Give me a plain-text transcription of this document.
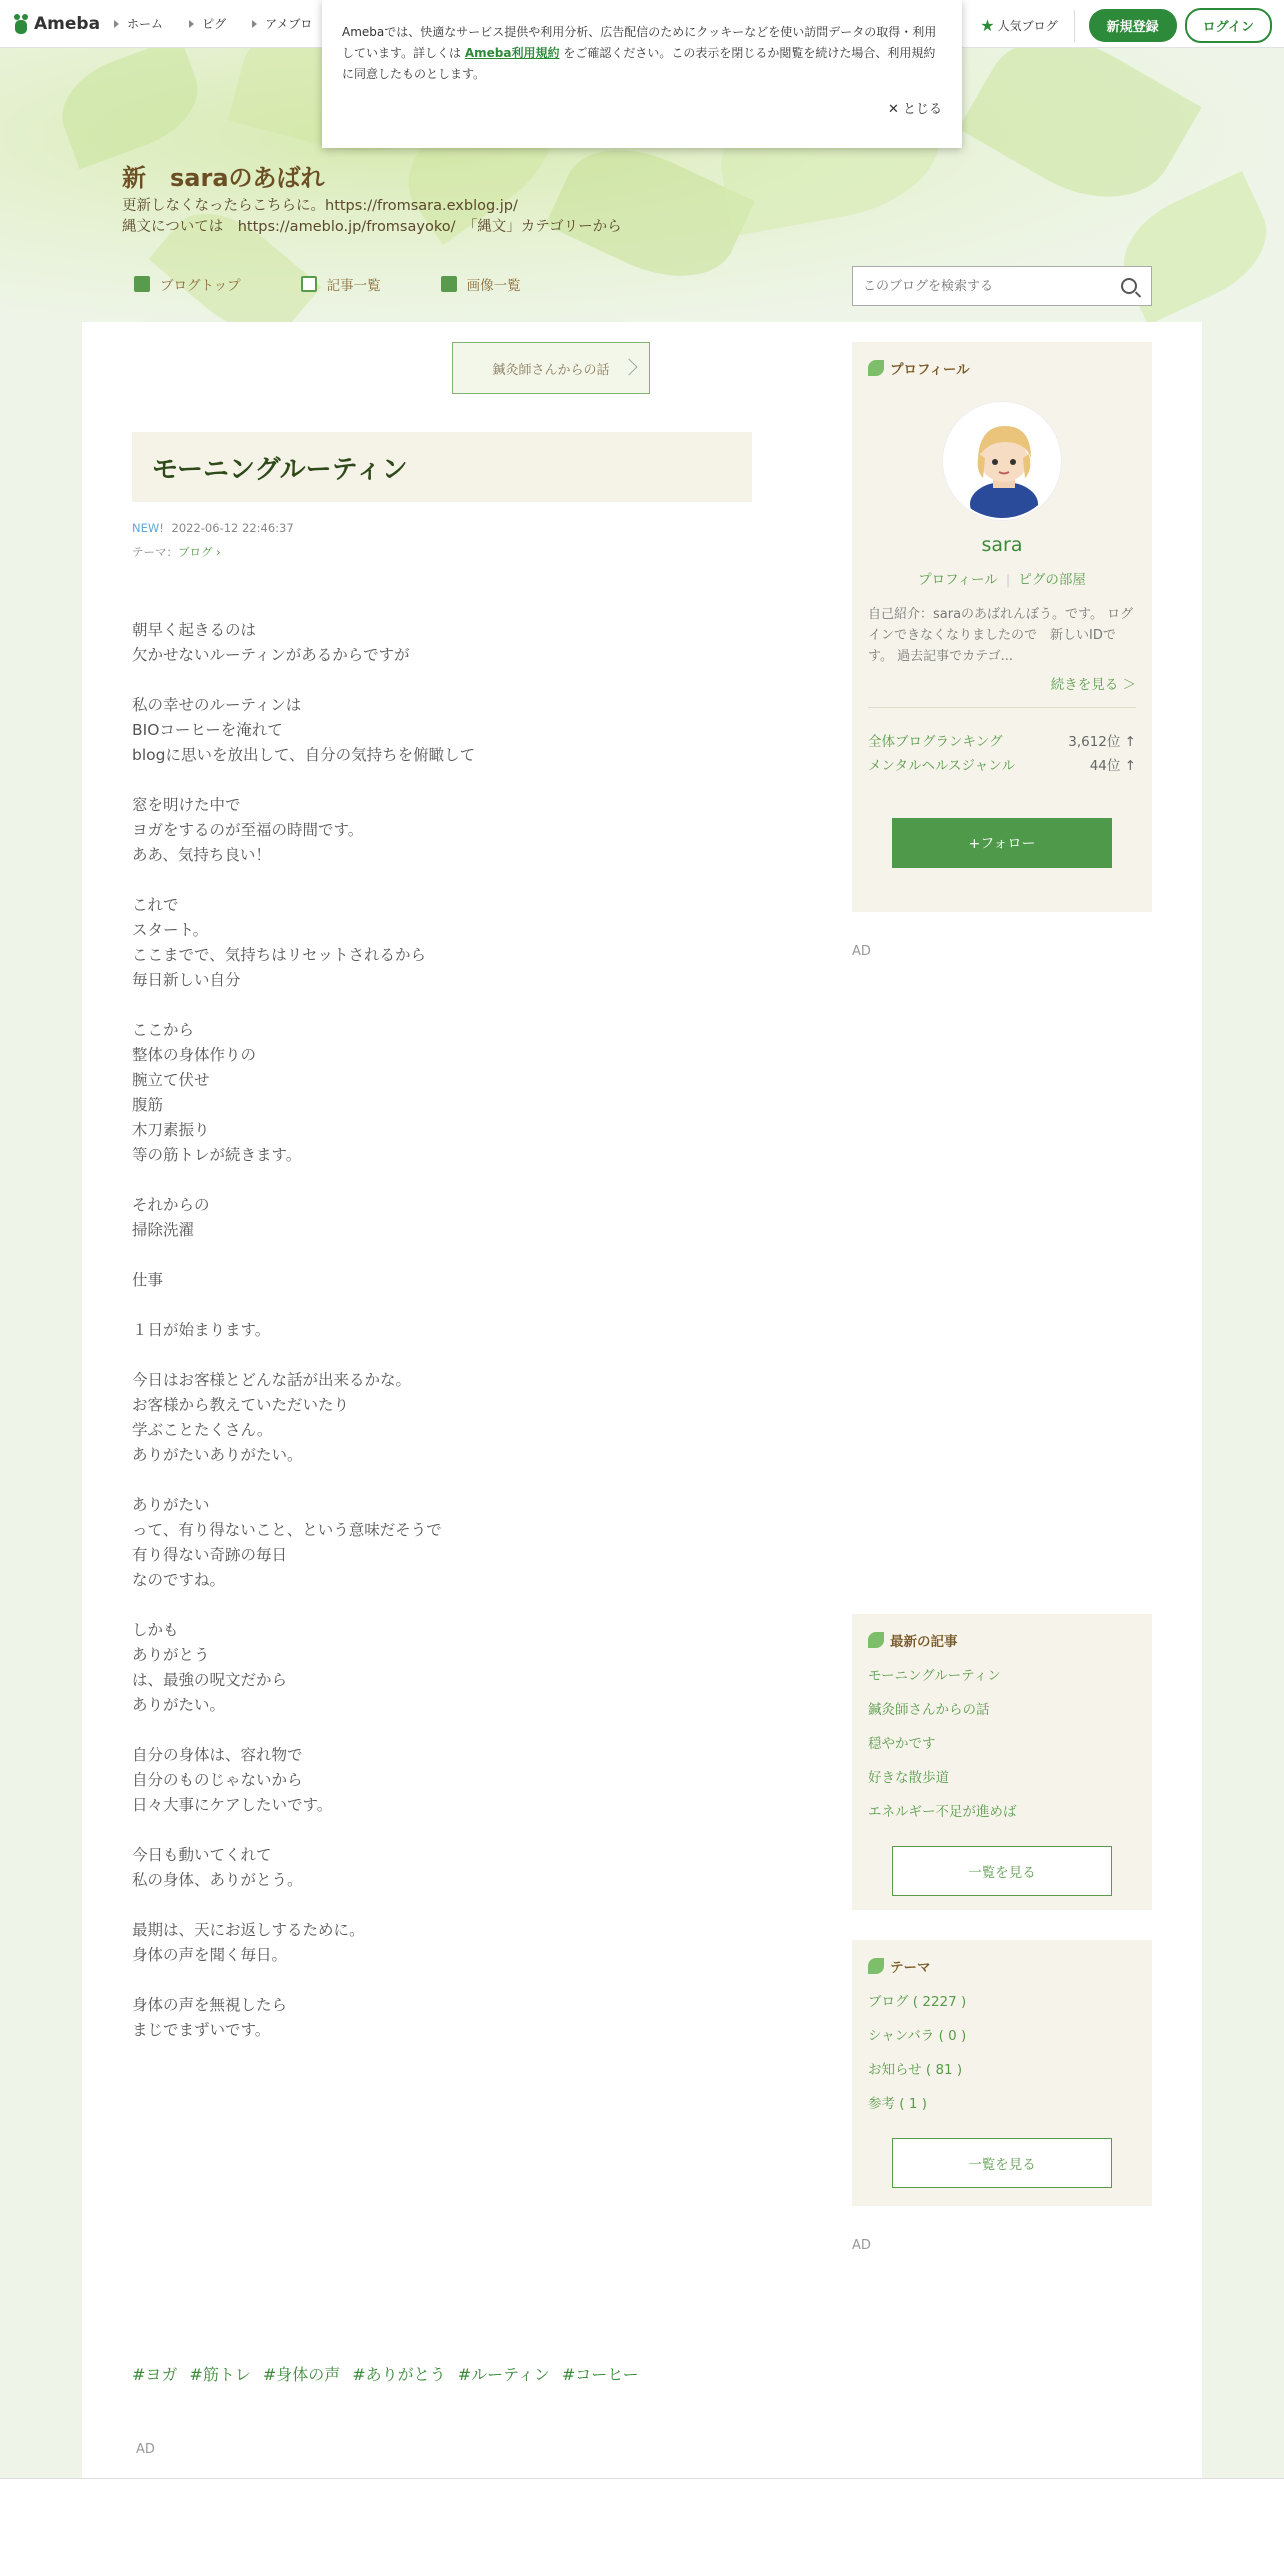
Ameba ホーム	ピグ	アメブロ	★ 人気ブログ	新規登録	ログイン
新　saraのあばれ
更新しなくなったらこちらに。https://fromsara.exblog.jp/
縄文については　https://ameblo.jp/fromsayoko/　「縄文」カテゴリーから
ブログトップ	記事一覧	画像一覧
このブログを検索する
Amebaでは、快適なサービス提供や利用分析、広告配信のためにクッキーなどを使い訪問データの取得・利用しています。詳しくは Ameba利用規約 をご確認ください。この表示を閉じるか閲覧を続けた場合、利用規約に同意したものとします。
✕ とじる
鍼灸師さんからの話
モーニングルーティン
NEW! 2022-06-12 22:46:37
テーマ：ブログ ›
朝早く起きるのは
欠かせないルーティンがあるからですが
私の幸せのルーティンは
BIOコーヒーを淹れて
blogに思いを放出して、自分の気持ちを俯瞰して
窓を明けた中で
ヨガをするのが至福の時間です。
ああ、気持ち良い！
これで
スタート。
ここまでで、気持ちはリセットされるから
毎日新しい自分
ここから
整体の身体作りの
腕立て伏せ
腹筋
木刀素振り
等の筋トレが続きます。
それからの
掃除洗濯
仕事
１日が始まります。
今日はお客様とどんな話が出来るかな。
お客様から教えていただいたり
学ぶことたくさん。
ありがたいありがたい。
ありがたい
って、有り得ないこと、という意味だそうで
有り得ない奇跡の毎日
なのですね。
しかも
ありがとう
は、最強の呪文だから
ありがたい。
自分の身体は、容れ物で
自分のものじゃないから
日々大事にケアしたいです。
今日も動いてくれて
私の身体、ありがとう。
最期は、天にお返しするために。
身体の声を聞く毎日。
身体の声を無視したら
まじでまずいです。
#ヨガ #筋トレ #身体の声 #ありがとう #ルーティン #コーヒー
AD
プロフィール
sara
プロフィール | ピグの部屋
自己紹介：saraのあばれんぼう。です。 ログインできなくなりましたので　新しいIDです。 過去記事でカテゴ...
続きを見る ＞
全体ブログランキング	3,612位 ↑
メンタルヘルスジャンル	44位 ↑
+フォロー
AD
最新の記事
モーニングルーティン
鍼灸師さんからの話
穏やかです
好きな散歩道
エネルギー不足が進めば
一覧を見る
テーマ
ブログ ( 2227 )
シャンバラ ( 0 )
お知らせ ( 81 )
参考 ( 1 )
一覧を見る
AD
